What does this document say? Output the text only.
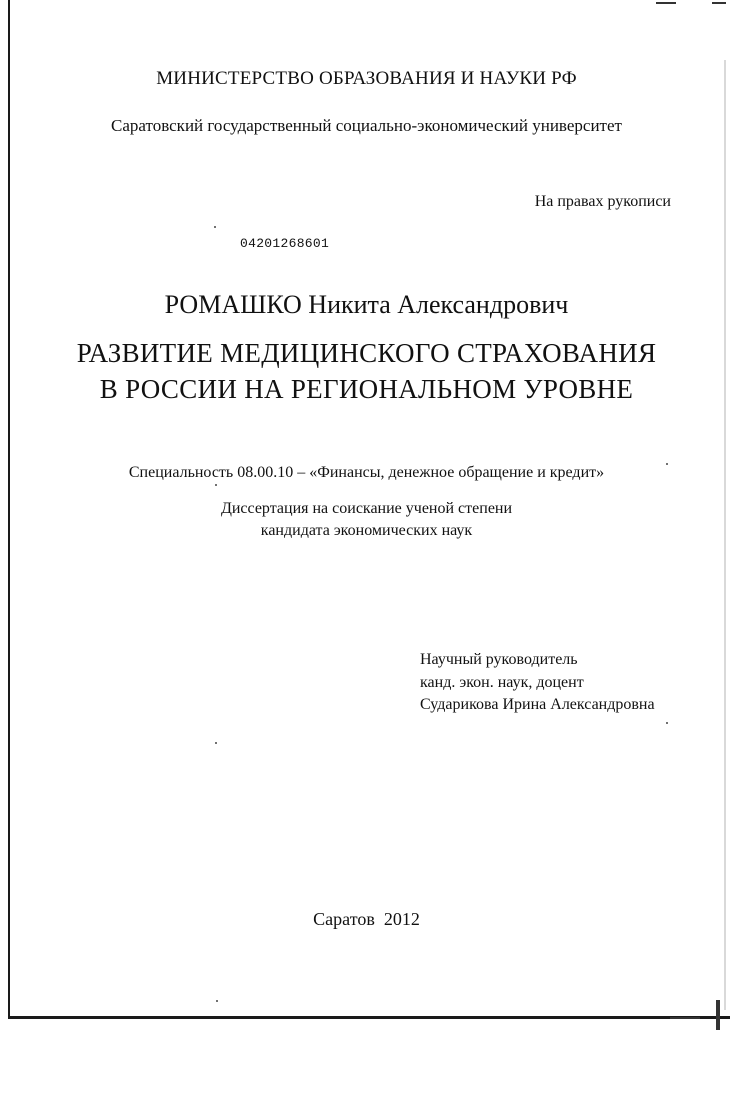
МИНИСТЕРСТВО ОБРАЗОВАНИЯ И НАУКИ РФ
Саратовский государственный социально-экономический университет
На правах рукописи
04201268601
РОМАШКО Никита Александрович
РАЗВИТИЕ МЕДИЦИНСКОГО СТРАХОВАНИЯ
В РОССИИ НА РЕГИОНАЛЬНОМ УРОВНЕ
Специальность 08.00.10 – «Финансы, денежное обращение и кредит»
Диссертация на соискание ученой степени
кандидата экономических наук
Научный руководитель
канд. экон. наук, доцент
Сударикова Ирина Александровна
Саратов  2012
